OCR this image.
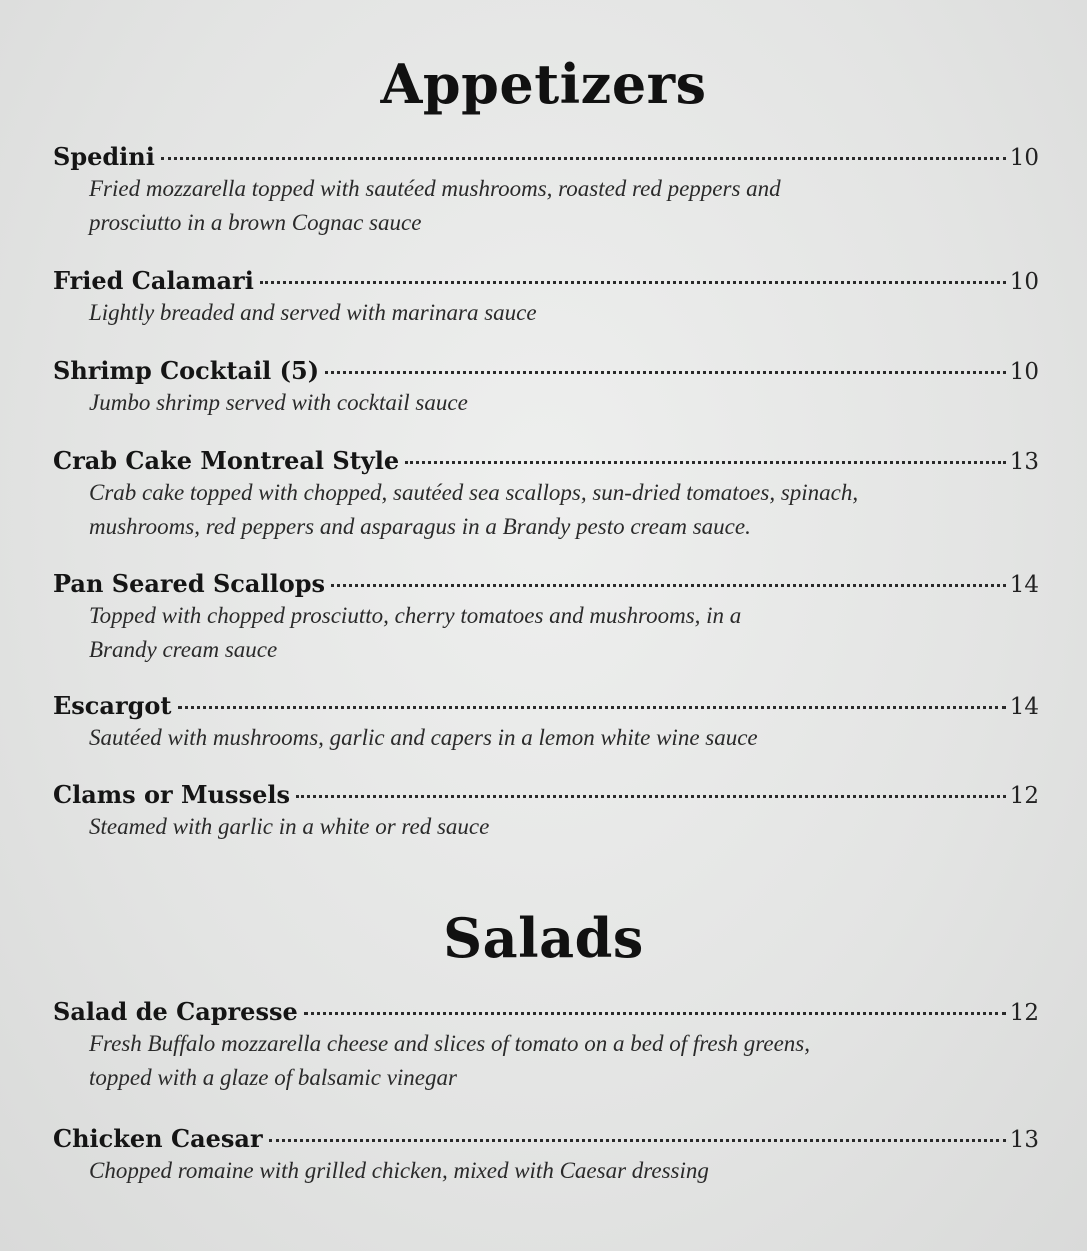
Appetizers
Spedini	10

Fried mozzarella topped with sautéed mushrooms, roasted red peppers and
prosciutto in a brown Cognac sauce

Fried Calamari	10

Lightly breaded and served with marinara sauce

Shrimp Cocktail (5)	10

Jumbo shrimp served with cocktail sauce

Crab Cake Montreal Style	13

Crab cake topped with chopped, sautéed sea scallops, sun-dried tomatoes, spinach,
mushrooms, red peppers and asparagus in a Brandy pesto cream sauce.

Pan Seared Scallops	14

Topped with chopped prosciutto, cherry tomatoes and mushrooms, in a
Brandy cream sauce

Escargot	14

Sautéed with mushrooms, garlic and capers in a lemon white wine sauce

Clams or Mussels	12

Steamed with garlic in a white or red sauce

Salads
Salad de Capresse	12

Fresh Buffalo mozzarella cheese and slices of tomato on a bed of fresh greens,
topped with a glaze of balsamic vinegar

Chicken Caesar	13

Chopped romaine with grilled chicken, mixed with Caesar dressing
